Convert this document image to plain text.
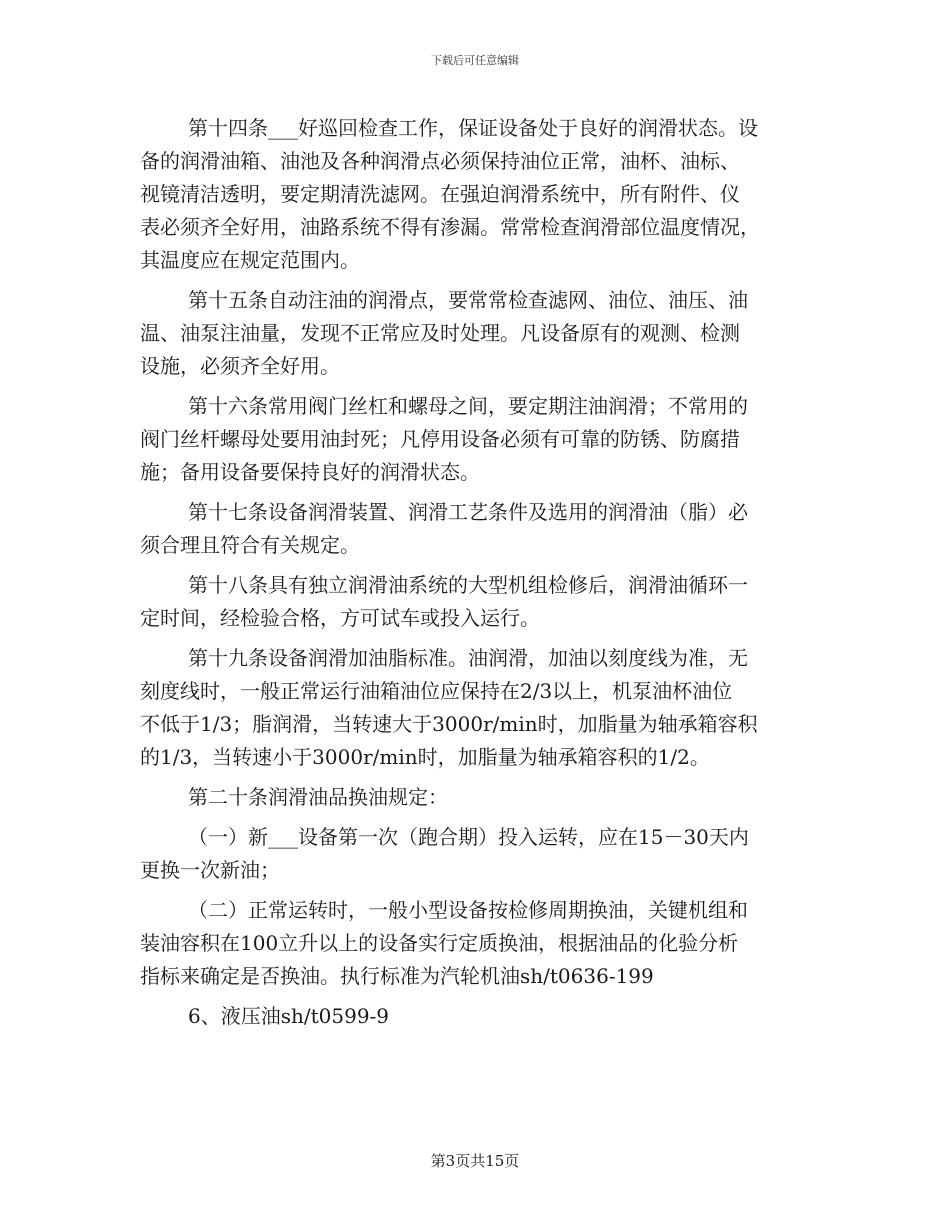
下载后可任意编辑
第十四条___好巡回检查工作，保证设备处于良好的润滑状态。设
备的润滑油箱、油池及各种润滑点必须保持油位正常，油杯、油标、
视镜清洁透明，要定期清洗滤网。在强迫润滑系统中，所有附件、仪
表必须齐全好用，油路系统不得有渗漏。常常检查润滑部位温度情况，
其温度应在规定范围内。
第十五条自动注油的润滑点，要常常检查滤网、油位、油压、油
温、油泵注油量，发现不正常应及时处理。凡设备原有的观测、检测
设施，必须齐全好用。
第十六条常用阀门丝杠和螺母之间，要定期注油润滑；不常用的
阀门丝杆螺母处要用油封死；凡停用设备必须有可靠的防锈、防腐措
施；备用设备要保持良好的润滑状态。
第十七条设备润滑装置、润滑工艺条件及选用的润滑油（脂）必
须合理且符合有关规定。
第十八条具有独立润滑油系统的大型机组检修后，润滑油循环一
定时间，经检验合格，方可试车或投入运行。
第十九条设备润滑加油脂标准。油润滑，加油以刻度线为准，无
刻度线时，一般正常运行油箱油位应保持在2/3以上，机泵油杯油位
不低于1/3；脂润滑，当转速大于3000r/min时，加脂量为轴承箱容积
的1/3，当转速小于3000r/min时，加脂量为轴承箱容积的1/2。
第二十条润滑油品换油规定：
（一）新___设备第一次（跑合期）投入运转，应在15－30天内
更换一次新油；
（二）正常运转时，一般小型设备按检修周期换油，关键机组和
装油容积在100立升以上的设备实行定质换油，根据油品的化验分析
指标来确定是否换油。执行标准为汽轮机油sh/t0636-199
6、液压油sh/t0599-9
第3页共15页
